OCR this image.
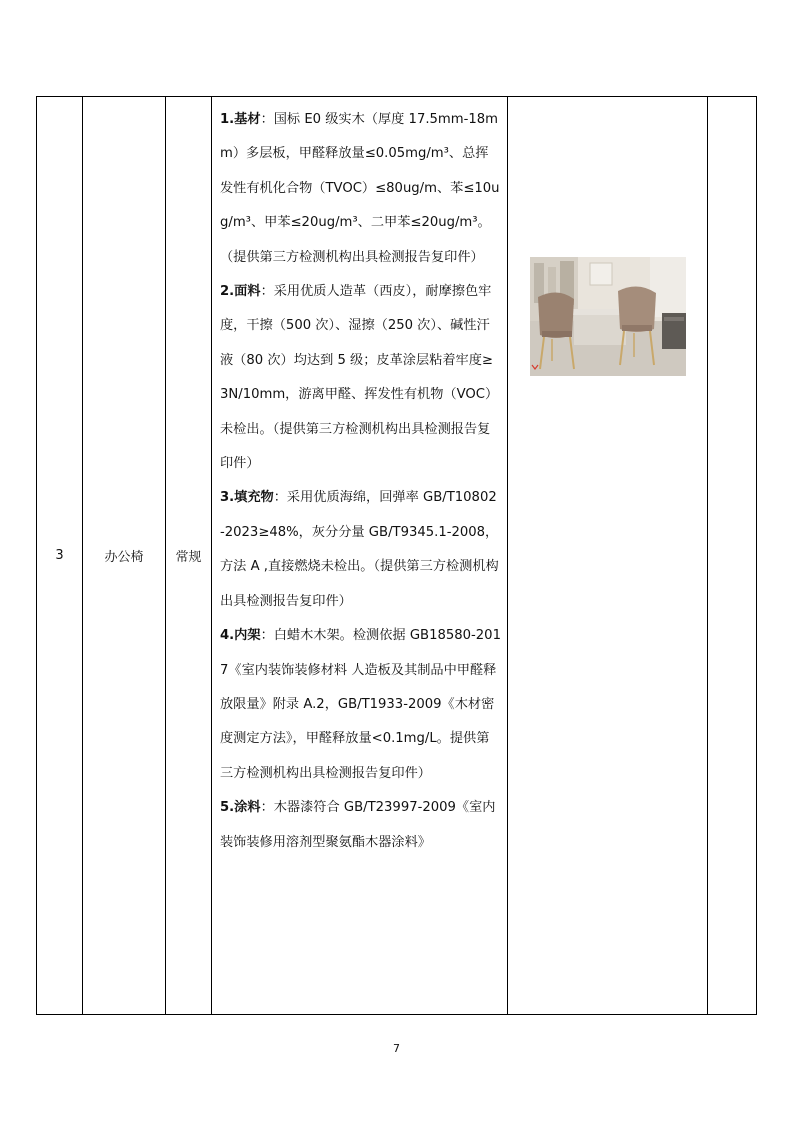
3	办公椅	常规	
1.基材：国标 E0 级实木（厚度 17.5mm-18mm）多层板，甲醛释放量≤0.05mg/m³、总挥发性有机化合物（TVOC）≤80ug/m、苯≤10ug/m³、甲苯≤20ug/m³、二甲苯≤20ug/m³。（提供第三方检测机构出具检测报告复印件）
2.面料：采用优质人造革（西皮），耐摩擦色牢度，干擦（500 次）、湿擦（250 次）、碱性汗液（80 次）均达到 5 级；皮革涂层粘着牢度≥3N/10mm，游离甲醛、挥发性有机物（VOC）未检出。（提供第三方检测机构出具检测报告复印件）
3.填充物：采用优质海绵，回弹率 GB/T10802-2023≥48%，灰分分量 GB/T9345.1-2008，方法 A ,直接燃烧未检出。（提供第三方检测机构出具检测报告复印件）
4.内架：白蜡木木架。检测依据 GB18580-2017《室内装饰装修材料 人造板及其制品中甲醛释放限量》附录 A.2，GB/T1933-2009《木材密度测定方法》，甲醛释放量<0.1mg/L。提供第三方检测机构出具检测报告复印件）
5.涂料：木器漆符合 GB/T23997-2009《室内装饰装修用溶剂型聚氨酯木器涂料》

7
